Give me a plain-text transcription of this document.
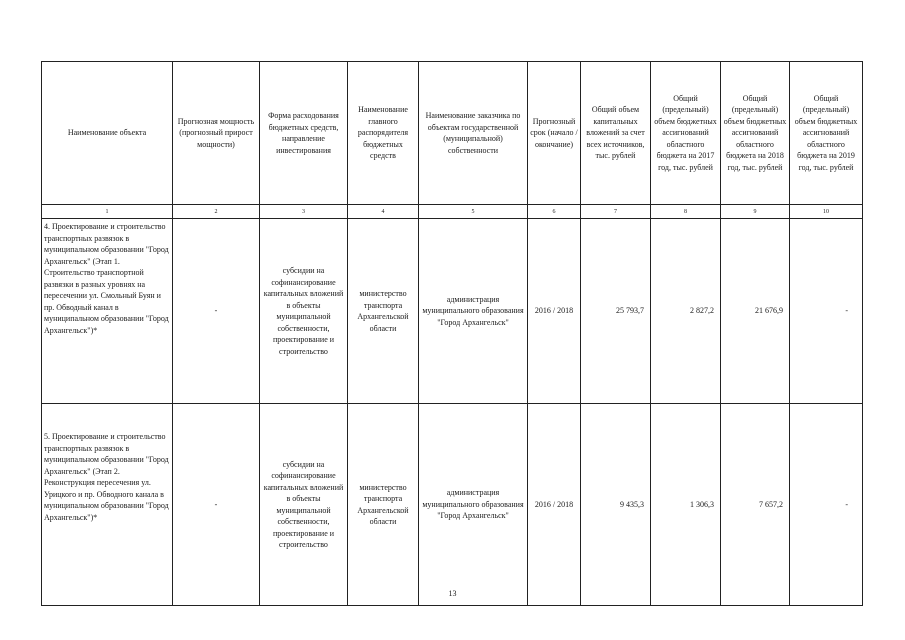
Наименование объекта	Прогнозная мощность (прогнозный прирост мощности)	Форма расходования бюджетных средств, направление инвестирования	Наименование главного распорядителя бюджетных средств	Наименование заказчика по объектам государственной (муниципальной) собственности	Прогнозный срок (начало / окончание)	Общий объем капитальных вложений за счет всех источников, тыс. рублей	Общий (предельный) объем бюджетных ассигнований областного бюджета на 2017 год, тыс. рублей	Общий (предельный) объем бюджетных ассигнований областного бюджета на 2018 год, тыс. рублей	Общий (предельный) объем бюджетных ассигнований областного бюджета на 2019 год, тыс. рублей
1	2	3	4	5	6	7	8	9	10
4. Проектирование и строительство транспортных развязок в муниципальном образовании "Город Архангельск" (Этап 1. Строительство транспортной развязки в разных уровнях на пересечении ул. Смольный Буян и пр. Обводный канал в муниципальном образовании "Город Архангельск")*	-	субсидии на софинансирование капитальных вложений в объекты муниципальной собственности, проектирование и строительство	министерство транспорта Архангельской области	администрация муниципального образования "Город Архангельск"	2016 / 2018	25 793,7	2 827,2	21 676,9	-
5. Проектирование и строительство транспортных развязок в муниципальном образовании "Город Архангельск" (Этап 2. Реконструкция пересечения ул. Урицкого и пр. Обводного канала в муниципальном образовании "Город Архангельск")*	-	субсидии на софинансирование капитальных вложений в объекты муниципальной собственности, проектирование и строительство	министерство транспорта Архангельской области	администрация муниципального образования "Город Архангельск"	2016 / 2018	9 435,3	1 306,3	7 657,2	-
13
